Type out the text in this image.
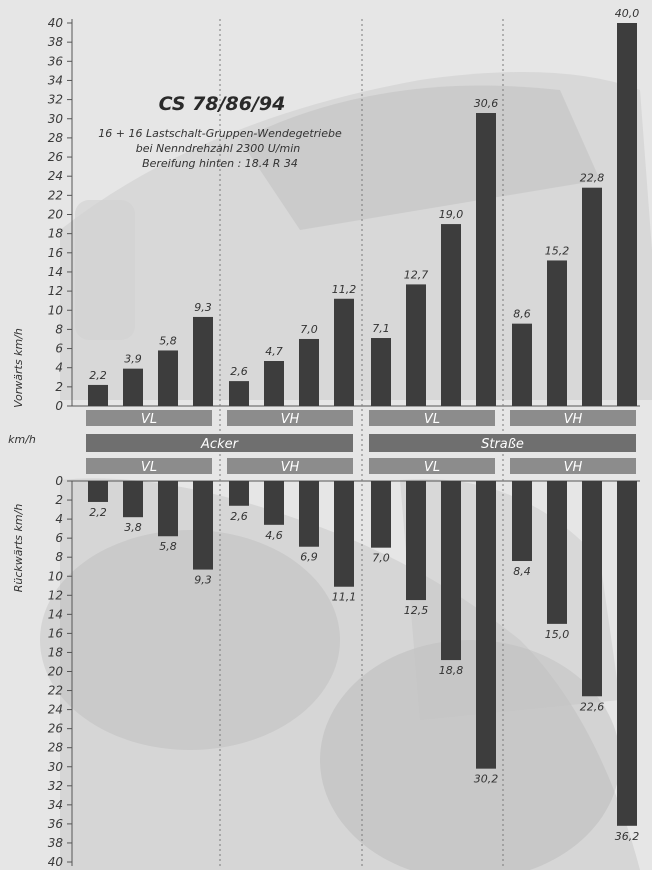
VL
VL
VH
VH
VL
VL
VH
VH
Acker	Straße
2,2
3,9
5,8
9,3
2,2
3,8
5,8
9,3
2,6
4,7
7,0
11,2
2,6
4,6
6,9
11,1
7,1
12,7
19,0
30,6
7,0
12,5
18,8
30,2
8,6
15,2
22,8
40,0
8,4
15,0
22,6
36,2
0
0
2
2
4
4
6
6
8
8
10
10
12
12
14
14
16
16
18
18
20
20
22
22
24
24
26
26
28
28
30
30
32
32
34
34
36
36
38
38
40
40
CS 78/86/94
16 + 16 Lastschalt-Gruppen-Wendegetriebe
bei Nenndrehzahl 2300 U/min
Bereifung hinten : 18.4 R 34
km/h
Vorwärts km/h
Rückwärts km/h
